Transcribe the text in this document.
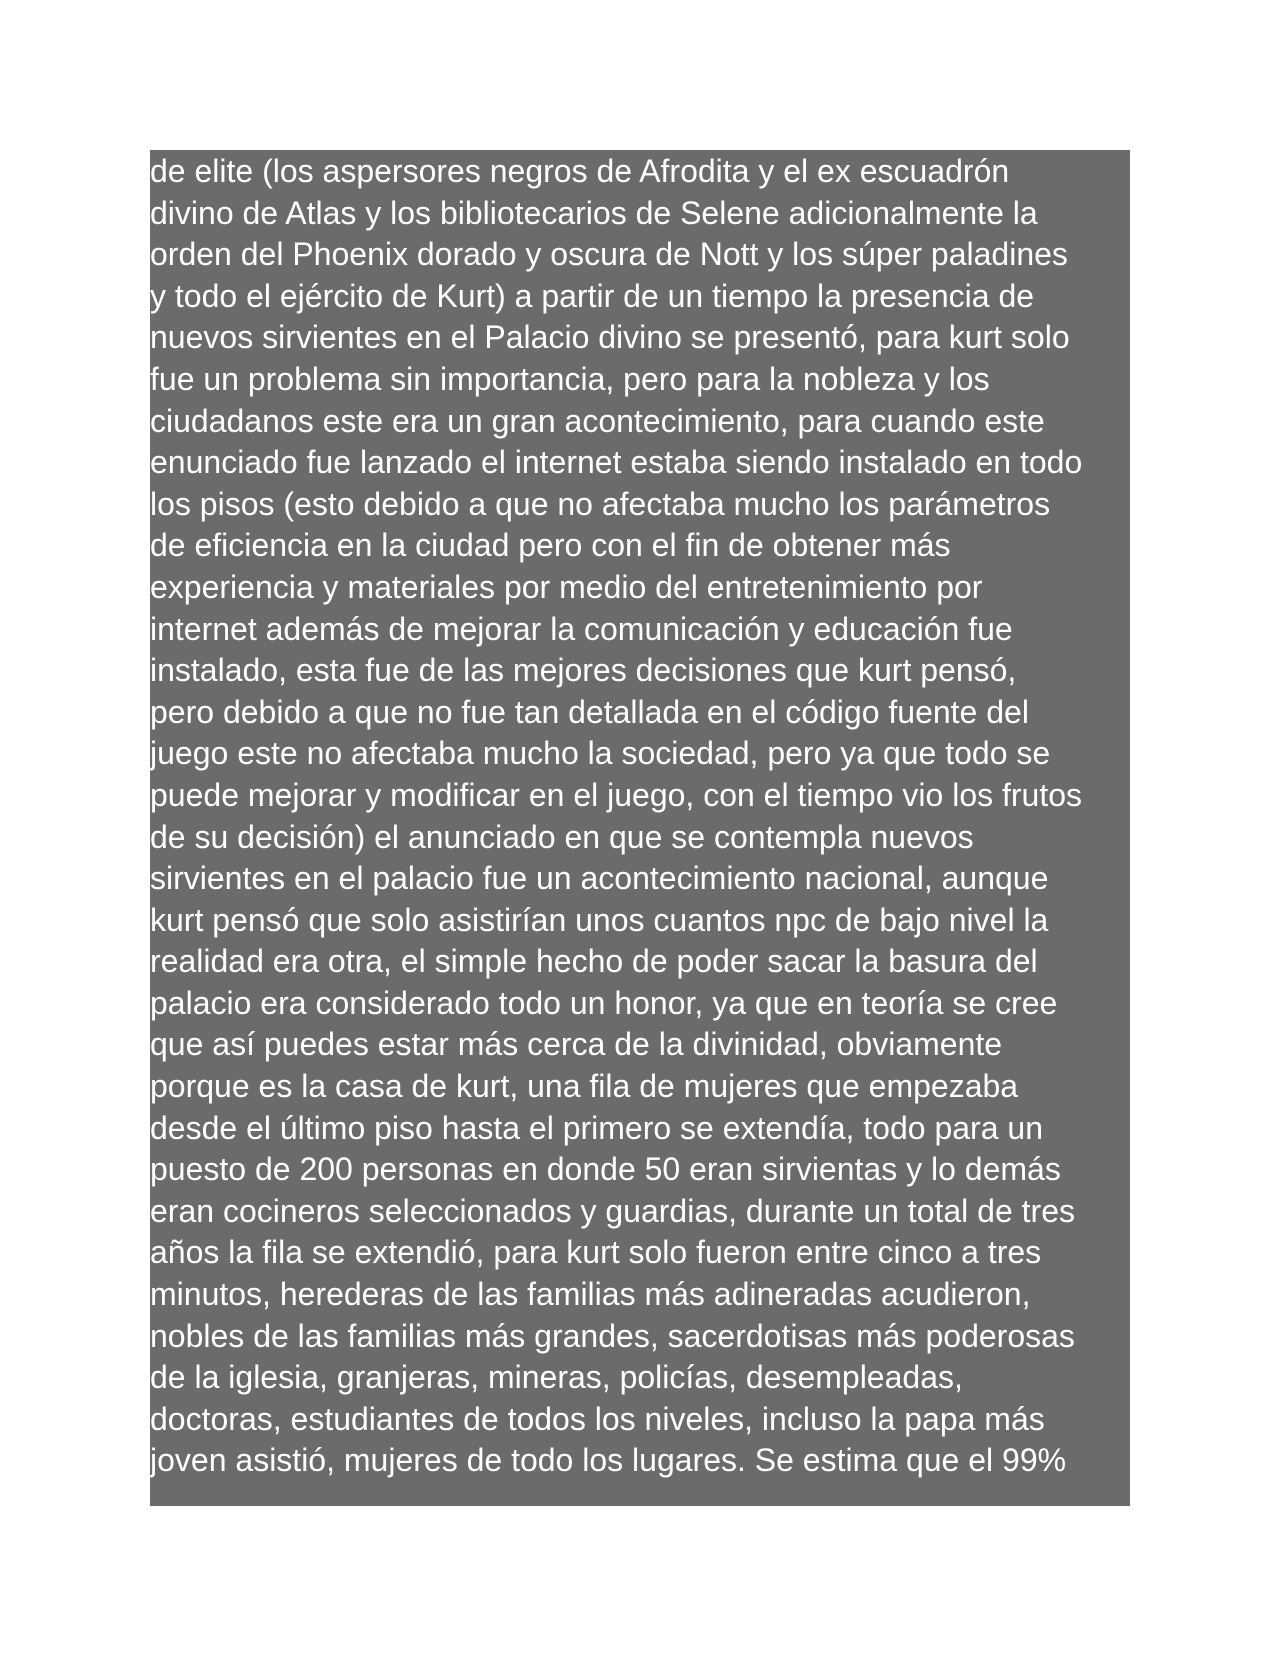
de elite (los aspersores negros de Afrodita y el ex escuadrón
divino de Atlas y los bibliotecarios de Selene adicionalmente la
orden del Phoenix dorado y oscura de Nott y los súper paladines
y todo el ejército de Kurt) a partir de un tiempo la presencia de
nuevos sirvientes en el Palacio divino se presentó, para kurt solo
fue un problema sin importancia, pero para la nobleza y los
ciudadanos este era un gran acontecimiento, para cuando este
enunciado fue lanzado el internet estaba siendo instalado en todo
los pisos (esto debido a que no afectaba mucho los parámetros
de eficiencia en la ciudad pero con el fin de obtener más
experiencia y materiales por medio del entretenimiento por
internet además de mejorar la comunicación y educación fue
instalado, esta fue de las mejores decisiones que kurt pensó,
pero debido a que no fue tan detallada en el código fuente del
juego este no afectaba mucho la sociedad, pero ya que todo se
puede mejorar y modificar en el juego, con el tiempo vio los frutos
de su decisión) el anunciado en que se contempla nuevos
sirvientes en el palacio fue un acontecimiento nacional, aunque
kurt pensó que solo asistirían unos cuantos npc de bajo nivel la
realidad era otra, el simple hecho de poder sacar la basura del
palacio era considerado todo un honor, ya que en teoría se cree
que así puedes estar más cerca de la divinidad, obviamente
porque es la casa de kurt, una fila de mujeres que empezaba
desde el último piso hasta el primero se extendía, todo para un
puesto de 200 personas en donde 50 eran sirvientas y lo demás
eran cocineros seleccionados y guardias, durante un total de tres
años la fila se extendió, para kurt solo fueron entre cinco a tres
minutos, herederas de las familias más adineradas acudieron,
nobles de las familias más grandes, sacerdotisas más poderosas
de la iglesia, granjeras, mineras, policías, desempleadas,
doctoras, estudiantes de todos los niveles, incluso la papa más
joven asistió, mujeres de todo los lugares. Se estima que el 99%
